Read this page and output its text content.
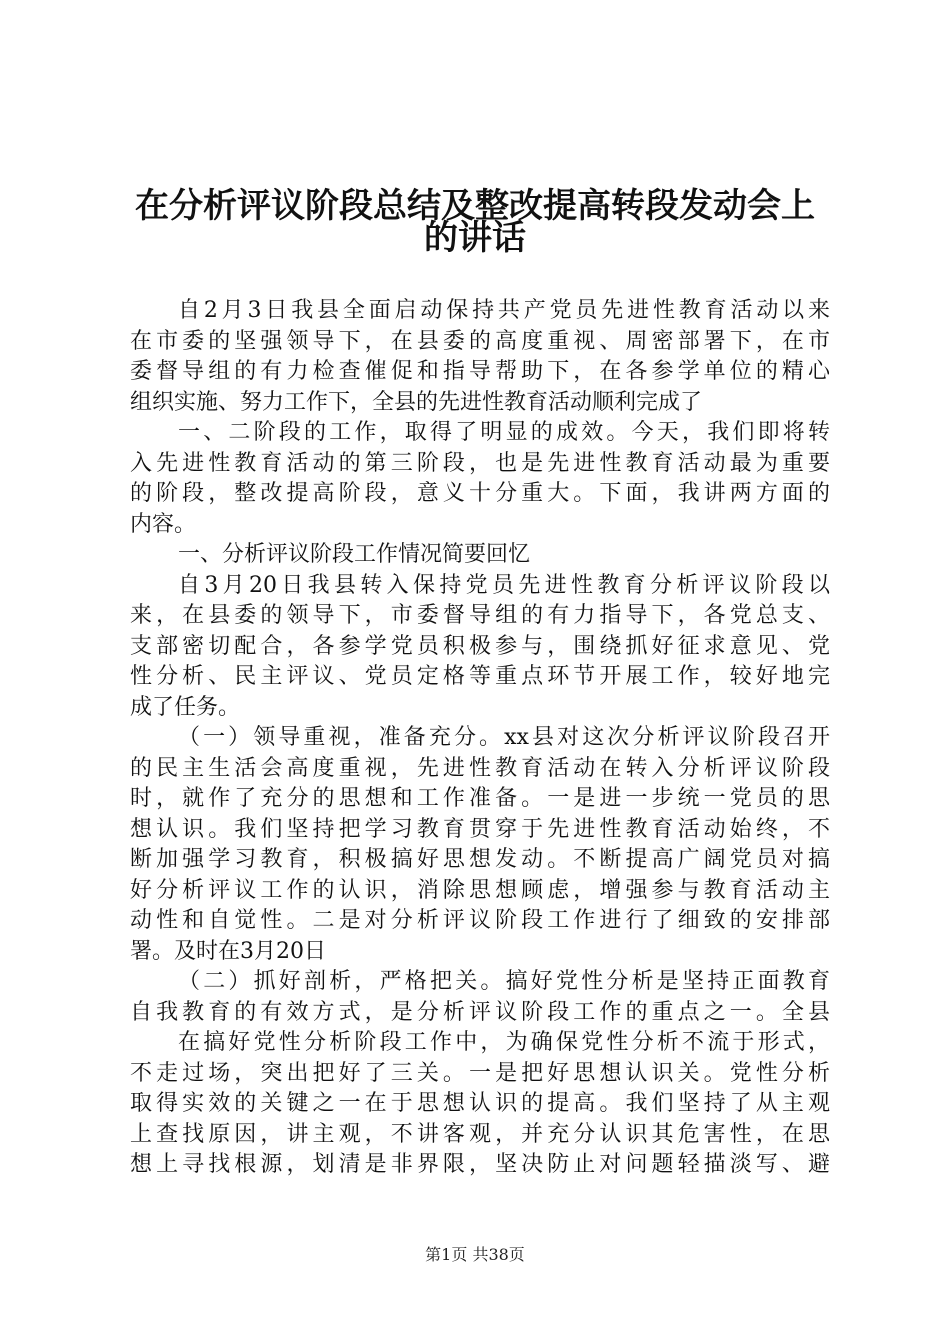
在分析评议阶段总结及整改提高转段发动会上
的讲话
自2月3日我县全面启动保持共产党员先进性教育活动以来
在市委的坚强领导下，在县委的高度重视、周密部署下，在市
委督导组的有力检查催促和指导帮助下，在各参学单位的精心
组织实施、努力工作下，全县的先进性教育活动顺利完成了
一、二阶段的工作，取得了明显的成效。今天，我们即将转
入先进性教育活动的第三阶段，也是先进性教育活动最为重要
的阶段，整改提高阶段，意义十分重大。下面，我讲两方面的
内容。
一、分析评议阶段工作情况简要回忆
自3月20日我县转入保持党员先进性教育分析评议阶段以
来，在县委的领导下，市委督导组的有力指导下，各党总支、
支部密切配合，各参学党员积极参与，围绕抓好征求意见、党
性分析、民主评议、党员定格等重点环节开展工作，较好地完
成了任务。
（一）领导重视，准备充分。xx县对这次分析评议阶段召开
的民主生活会高度重视，先进性教育活动在转入分析评议阶段
时，就作了充分的思想和工作准备。一是进一步统一党员的思
想认识。我们坚持把学习教育贯穿于先进性教育活动始终，不
断加强学习教育，积极搞好思想发动。不断提高广阔党员对搞
好分析评议工作的认识，消除思想顾虑，增强参与教育活动主
动性和自觉性。二是对分析评议阶段工作进行了细致的安排部
署。及时在3月20日
（二）抓好剖析，严格把关。搞好党性分析是坚持正面教育
自我教育的有效方式，是分析评议阶段工作的重点之一。全县
在搞好党性分析阶段工作中，为确保党性分析不流于形式，
不走过场，突出把好了三关。一是把好思想认识关。党性分析
取得实效的关键之一在于思想认识的提高。我们坚持了从主观
上查找原因，讲主观，不讲客观，并充分认识其危害性，在思
想上寻找根源，划清是非界限，坚决防止对问题轻描淡写、避
第1页 共38页
